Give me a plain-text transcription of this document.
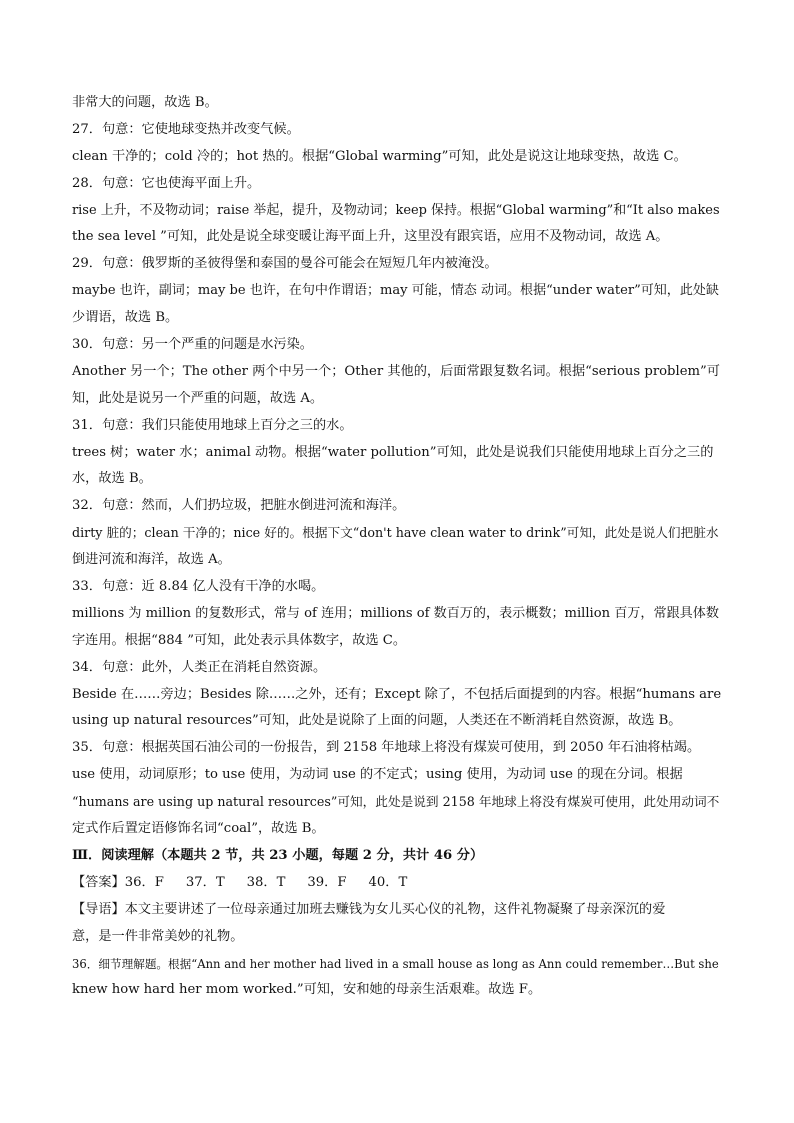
非常大的问题，故选 B。
27．句意：它使地球变热并改变气候。
clean 干净的；cold 冷的；hot 热的。根据“Global warming”可知，此处是说这让地球变热，故选 C。
28．句意：它也使海平面上升。
rise 上升，不及物动词；raise 举起，提升，及物动词；keep 保持。根据“Global warming”和“It also makes
the sea level ”可知，此处是说全球变暖让海平面上升，这里没有跟宾语，应用不及物动词，故选 A。
29．句意：俄罗斯的圣彼得堡和泰国的曼谷可能会在短短几年内被淹没。
maybe 也许，副词；may be 也许，在句中作谓语；may 可能，情态 动词。根据“under water”可知，此处缺
少谓语，故选 B。
30．句意：另一个严重的问题是水污染。
Another 另一个；The other 两个中另一个；Other 其他的，后面常跟复数名词。根据“serious problem”可
知，此处是说另一个严重的问题，故选 A。
31．句意：我们只能使用地球上百分之三的水。
trees 树；water 水；animal 动物。根据“water pollution”可知，此处是说我们只能使用地球上百分之三的
水，故选 B。
32．句意：然而，人们扔垃圾，把脏水倒进河流和海洋。
dirty 脏的；clean 干净的；nice 好的。根据下文“don't have clean water to drink”可知，此处是说人们把脏水
倒进河流和海洋，故选 A。
33．句意：近 8.84 亿人没有干净的水喝。
millions 为 million 的复数形式，常与 of 连用；millions of 数百万的，表示概数；million 百万，常跟具体数
字连用。根据“884 ”可知，此处表示具体数字，故选 C。
34．句意：此外，人类正在消耗自然资源。
Beside 在……旁边；Besides 除……之外，还有；Except 除了，不包括后面提到的内容。根据“humans are
using up natural resources”可知，此处是说除了上面的问题，人类还在不断消耗自然资源，故选 B。
35．句意：根据英国石油公司的一份报告，到 2158 年地球上将没有煤炭可使用，到 2050 年石油将枯竭。
use 使用，动词原形；to use 使用，为动词 use 的不定式；using 使用，为动词 use 的现在分词。根据
“humans are using up natural resources”可知，此处是说到 2158 年地球上将没有煤炭可使用，此处用动词不
定式作后置定语修饰名词“coal”，故选 B。
Ⅲ．阅读理解（本题共 2 节，共 23 小题，每题 2 分，共计 46 分）
【答案】36．F 37．T 38．T 39．F 40．T
【导语】本文主要讲述了一位母亲通过加班去赚钱为女儿买心仪的礼物，这件礼物凝聚了母亲深沉的爱
意，是一件非常美妙的礼物。
36．细节理解题。根据“Ann and her mother had lived in a small house as long as Ann could remember…But she
knew how hard her mom worked.”可知，安和她的母亲生活艰难。故选 F。
